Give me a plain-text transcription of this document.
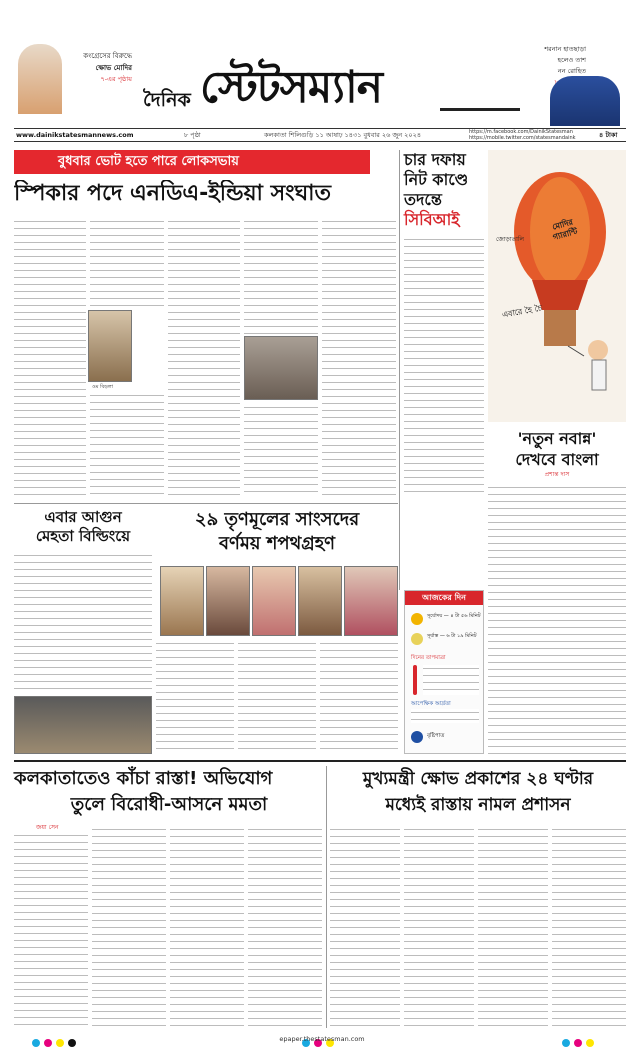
কংগ্রেসের বিরুদ্ধে
ক্ষোভ মোদির
৭-এর পৃষ্ঠায়
দৈনিক স্টেটসম্যান
শরনান হাতছাড়া
হলেও তাশ
নন রোহিত
www.dainikstatesmannews.com	৮ পৃষ্ঠা	কলকাতা শিলিগুড়ি ১১ আষাঢ় ১৪৩১ বুধবার ২৬ জুন ২০২৪	https://m.facebook.com/DainikStatesman
https://mobile.twitter.com/statesmandaink	৪ টাকা
বুধবার ভোট হতে পারে লোকসভায়
স্পিকার পদে এনডিএ-ইন্ডিয়া সংঘাত
ওম বিড়লা
চার দফায়
নিট কাণ্ডে
তদন্তে
সিবিআই	মোদির গ্যারান্টি
জোড়াতালি
এবারে হৈ চৈ
'নতুন নবান্ন'
দেখবে বাংলা
প্রশান্ত দাস
এবার আগুন
মেহতা বিল্ডিংয়ে
২৯ তৃণমূলের সাংসদের
বর্ণময় শপথগ্রহণ
আজকের দিন
সূর্যোদয় — ৪ টা ৫৬ মিনিট
সূর্যাস্ত — ৬ টা ১৯ মিনিট
দিনের তাপমাত্রা
আপেক্ষিক আর্দ্রতা
বৃষ্টিপাত
কলকাতাতেও কাঁচা রাস্তা! অভিযোগ
তুলে বিরোধী-আসনে মমতা
জয়া সেন
মুখ্যমন্ত্রী ক্ষোভ প্রকাশের ২৪ ঘণ্টার
মধ্যেই রাস্তায় নামল প্রশাসন
epaper.thestatesman.com
